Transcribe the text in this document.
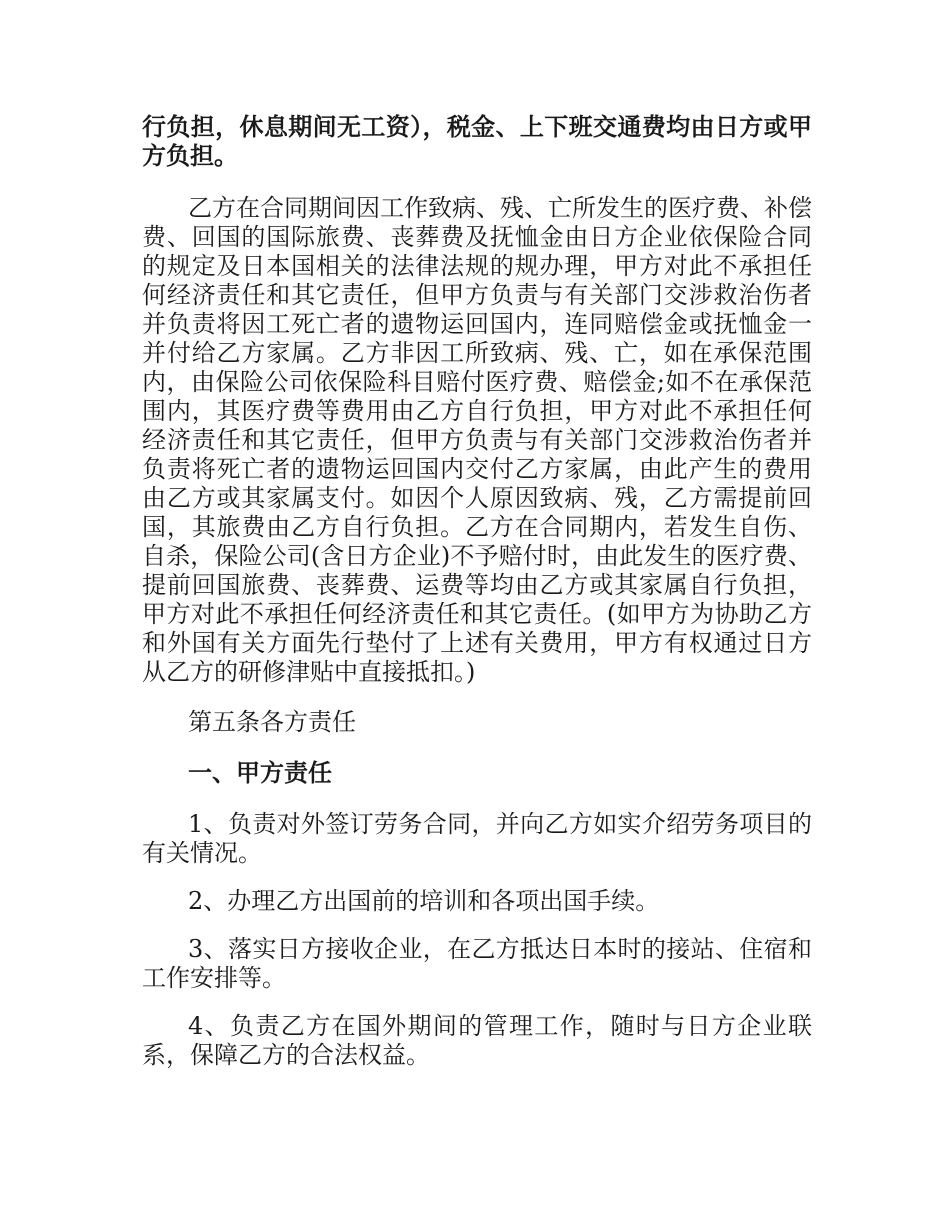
行负担，休息期间无工资），税金、上下班交通费均由日方或甲方负担。

乙方在合同期间因工作致病、残、亡所发生的医疗费、补偿费、回国的国际旅费、丧葬费及抚恤金由日方企业依保险合同的规定及日本国相关的法律法规的规办理，甲方对此不承担任何经济责任和其它责任，但甲方负责与有关部门交涉救治伤者并负责将因工死亡者的遗物运回国内，连同赔偿金或抚恤金一并付给乙方家属。乙方非因工所致病、残、亡，如在承保范围内，由保险公司依保险科目赔付医疗费、赔偿金;如不在承保范围内，其医疗费等费用由乙方自行负担，甲方对此不承担任何经济责任和其它责任，但甲方负责与有关部门交涉救治伤者并负责将死亡者的遗物运回国内交付乙方家属，由此产生的费用由乙方或其家属支付。如因个人原因致病、残，乙方需提前回国，其旅费由乙方自行负担。乙方在合同期内，若发生自伤、自杀，保险公司(含日方企业)不予赔付时，由此发生的医疗费、提前回国旅费、丧葬费、运费等均由乙方或其家属自行负担，甲方对此不承担任何经济责任和其它责任。(如甲方为协助乙方和外国有关方面先行垫付了上述有关费用，甲方有权通过日方从乙方的研修津贴中直接抵扣。)

第五条各方责任

一、甲方责任

1、负责对外签订劳务合同，并向乙方如实介绍劳务项目的有关情况。

2、办理乙方出国前的培训和各项出国手续。

3、落实日方接收企业，在乙方抵达日本时的接站、住宿和工作安排等。

4、负责乙方在国外期间的管理工作，随时与日方企业联系，保障乙方的合法权益。
